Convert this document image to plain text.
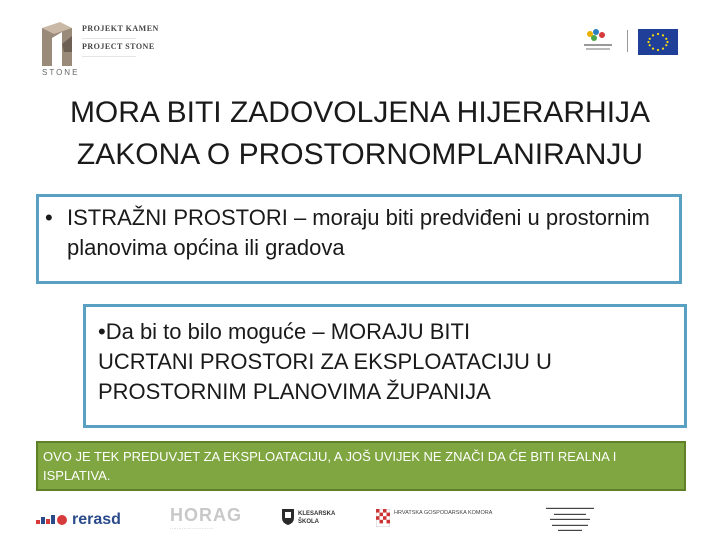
STONE
PROJEKT KAMEN
————————————
PROJECT STONE
————————————
MORA BITI ZADOVOLJENA HIJERARHIJA
ZAKONA O PROSTORNOMPLANIRANJU
• ISTRAŽNI PROSTORI – moraju biti predviđeni u prostornim planovima općina ili gradova
•Da bi to bilo moguće – MORAJU BITI
UCRTANI PROSTORI ZA EKSPLOATACIJU U
PROSTORNIM PLANOVIMA ŽUPANIJA
OVO JE TEK PREDUVJET ZA EKSPLOATACIJU, A JOŠ UVIJEK NE ZNAČI DA ĆE BITI REALNA I ISPLATIVA.
rerasd	HORAG
··························
KLESARSKA
ŠKOLA
HRVATSKA GOSPODARSKA KOMORA
▬▬▬▬▬▬▬▬▬▬▬▬
▬▬▬▬▬▬▬▬
▬▬▬▬▬▬▬▬▬▬
▬▬▬▬▬▬▬▬▬
▬▬▬▬▬▬
